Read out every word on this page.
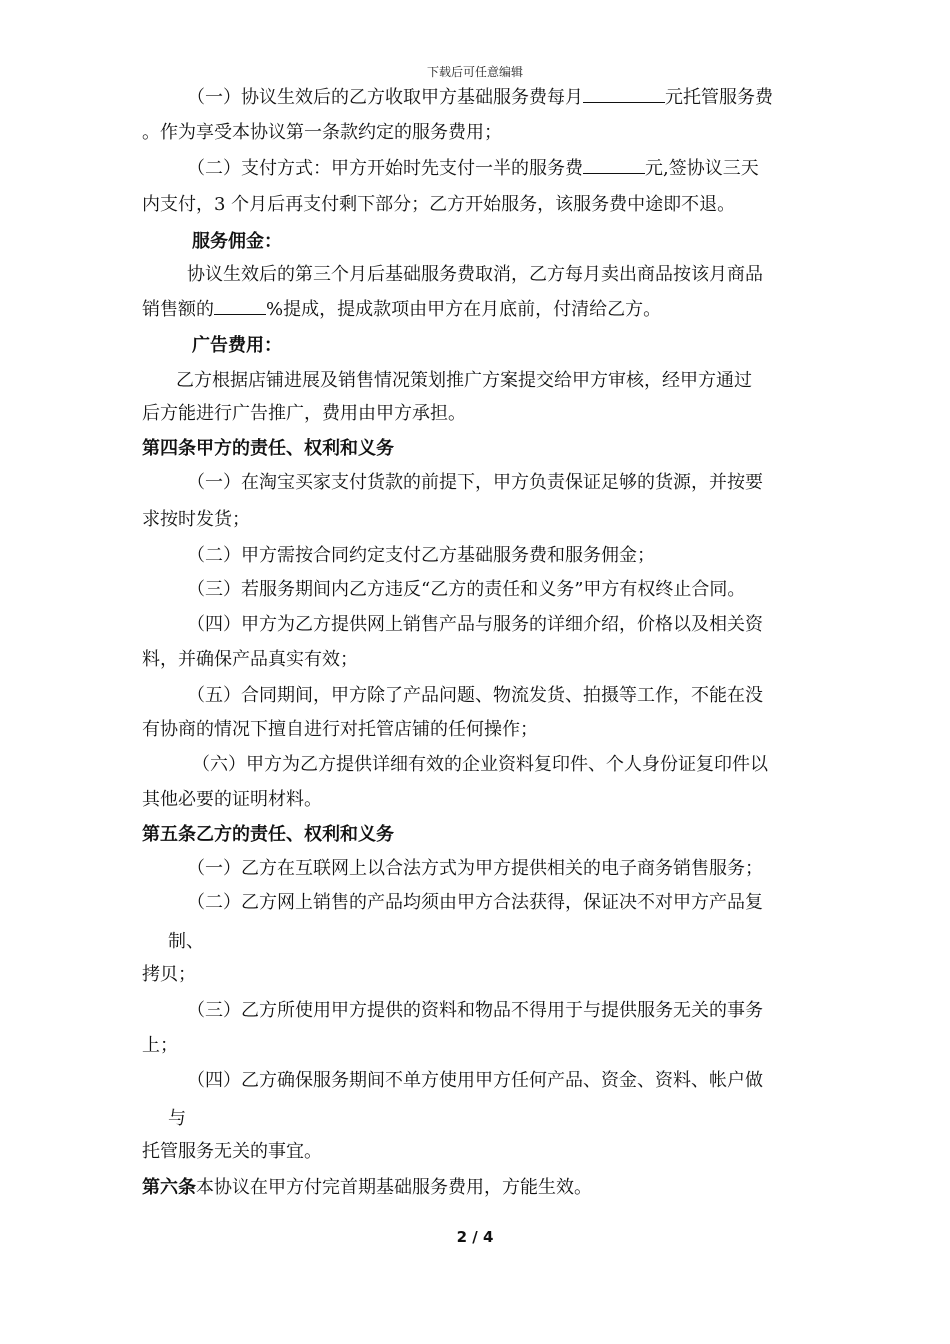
下载后可任意编辑
（一）协议生效后的乙方收取甲方基础服务费每月	元托管服务费
。作为享受本协议第一条款约定的服务费用；
（二）支付方式：甲方开始时先支付一半的服务费	元,签协议三天
内支付，3 个月后再支付剩下部分；乙方开始服务，该服务费中途即不退。
服务佣金：
协议生效后的第三个月后基础服务费取消，乙方每月卖出商品按该月商品
销售额的	%提成，提成款项由甲方在月底前，付清给乙方。
广告费用：
乙方根据店铺进展及销售情况策划推广方案提交给甲方审核，经甲方通过
后方能进行广告推广，费用由甲方承担。
第四条甲方的责任、权利和义务
（一）在淘宝买家支付货款的前提下，甲方负责保证足够的货源，并按要
求按时发货；
（二）甲方需按合同约定支付乙方基础服务费和服务佣金；
（三）若服务期间内乙方违反“乙方的责任和义务”甲方有权终止合同。
（四）甲方为乙方提供网上销售产品与服务的详细介绍，价格以及相关资
料，并确保产品真实有效；
（五）合同期间，甲方除了产品问题、物流发货、拍摄等工作，不能在没
有协商的情况下擅自进行对托管店铺的任何操作；
（六）甲方为乙方提供详细有效的企业资料复印件、个人身份证复印件以
其他必要的证明材料。
第五条乙方的责任、权利和义务
（一）乙方在互联网上以合法方式为甲方提供相关的电子商务销售服务；
（二）乙方网上销售的产品均须由甲方合法获得，保证决不对甲方产品复
制、
拷贝；
（三）乙方所使用甲方提供的资料和物品不得用于与提供服务无关的事务
上；
（四）乙方确保服务期间不单方使用甲方任何产品、资金、资料、帐户做
与
托管服务无关的事宜。
第六条本协议在甲方付完首期基础服务费用，方能生效。
2 / 4
